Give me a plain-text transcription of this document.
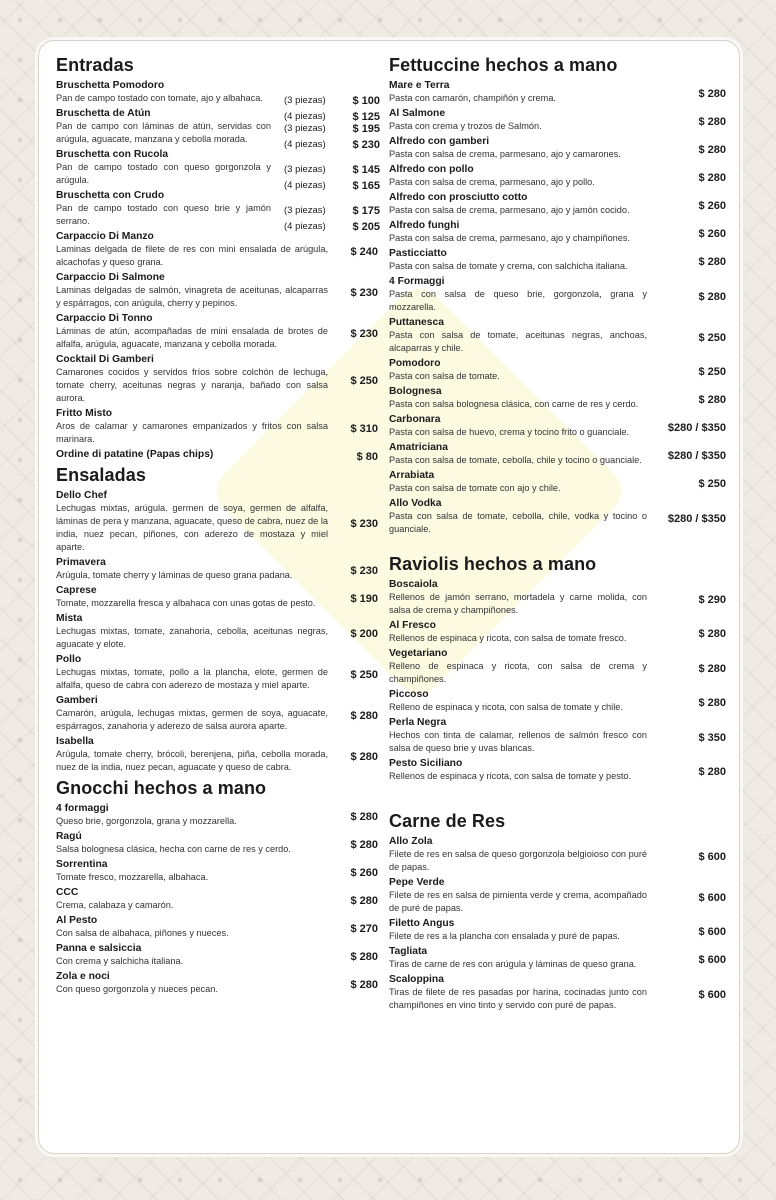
Entradas
Bruschetta Pomodoro
Pan de campo tostado con tomate, ajo y albahaca.	(3 piezas) $ 100
(4 piezas) $ 125
Bruschetta de Atún
Pan de campo con láminas de atún, servidas con arúgula, aguacate, manzana y cebolla morada.
(3 piezas) $ 195
(4 piezas) $ 230
Bruschetta con Rucola
Pan de campo tostado con queso gorgonzola y arúgula.
(3 piezas) $ 145
(4 piezas) $ 165
Bruschetta con Crudo
Pan de campo tostado con queso brie y jamón serrano.
(3 piezas) $ 175
(4 piezas) $ 205
Carpaccio Di Manzo
Laminas delgada de filete de res con mini ensalada de arúgula, alcachofas y queso grana.
$ 240
Carpaccio Di Salmone
Laminas delgadas de salmón, vinagreta de aceitunas, alcaparras y espárragos, con arúgula, cherry y pepinos.
$ 230
Carpaccio Di Tonno
Láminas de atún, acompañadas de mini ensalada de brotes de alfalfa, arúgula, aguacate, manzana y cebolla morada.
$ 230
Cocktail Di Gamberi
Camarones cocidos y servidos fríos sobre colchón de lechuga, tomate cherry, aceitunas negras y naranja, bañado con salsa aurora.
$ 250
Fritto Misto
Aros de calamar y camarones empanizados y fritos con salsa marinara.
$ 310
Ordine di patatine (Papas chips)	$ 80
Ensaladas
Dello Chef
Lechugas mixtas, arúgula. germen de soya, germen de alfalfa, láminas de pera y manzana, aguacate, queso de cabra, nuez de la india, nuez pecan, piñones, con aderezo de mostaza y miel aparte.
$ 230
Primavera
Arúgula, tomate cherry y láminas de queso grana padana.	$ 230
Caprese
Tomate, mozzarella fresca y albahaca con unas gotas de pesto.	$ 190
Mista
Lechugas mixtas, tomate, zanahoria, cebolla, aceitunas negras, aguacate y elote.
$ 200
Pollo
Lechugas mixtas, tomate, pollo a la plancha, elote, germen de alfalfa, queso de cabra con aderezo de mostaza y miel aparte.
$ 250
Gamberi
Camarón, arúgula, lechugas mixtas, germen de soya, aguacate, espárragos, zanahoria y aderezo de salsa aurora aparte.
$ 280
Isabella
Arúgula, tomate cherry, brócoli, berenjena, piña, cebolla morada, nuez de la india, nuez pecan, aguacate y queso de cabra.
$ 280
Gnocchi hechos a mano
4 formaggi
Queso brie, gorgonzola, grana y mozzarella.	$ 280
Ragú
Salsa bolognesa clásica, hecha con carne de res y cerdo.	$ 280
Sorrentina
Tomate fresco, mozzarella, albahaca.	$ 260
CCC
Crema, calabaza y camarón.	$ 280
Al Pesto
Con salsa de albahaca, piñones y nueces.	$ 270
Panna e salsiccia
Con crema y salchicha italiana.	$ 280
Zola e noci
Con queso gorgonzola y nueces pecan.	$ 280
Fettuccine hechos a mano
Mare e Terra
Pasta con camarón, champiñón y crema.	$ 280
Al Salmone
Pasta con crema y trozos de Salmón.	$ 280
Alfredo con gamberi
Pasta con salsa de crema, parmesano, ajo y camarones.	$ 280
Alfredo con pollo
Pasta con salsa de crema, parmesano, ajo y pollo.	$ 280
Alfredo con prosciutto cotto
Pasta con salsa de crema, parmesano, ajo y jamón cocido.	$ 260
Alfredo funghi
Pasta con salsa de crema, parmesano, ajo y champiñones.	$ 260
Pasticciatto
Pasta con salsa de tomate y crema, con salchicha italiana.	$ 280
4 Formaggi
Pasta con salsa de queso brie, gorgonzola, grana y mozzarella.
$ 280
Puttanesca
Pasta con salsa de tomate, aceitunas negras, anchoas, alcaparras y chile.
$ 250
Pomodoro
Pasta con salsa de tomate.	$ 250
Bolognesa
Pasta con salsa bolognesa clásica, con carne de res y cerdo.	$ 280
Carbonara
Pasta con salsa de huevo, crema y tocino frito o guanciale.	$280 / $350
Amatriciana
Pasta con salsa de tomate, cebolla, chile y tocino o guanciale.	$280 / $350
Arrabiata
Pasta con salsa de tomate con ajo y chile.	$ 250
Allo Vodka
Pasta con salsa de tomate, cebolla, chile, vodka y tocino o guanciale.
$280 / $350
Raviolis hechos a mano
Boscaiola
Rellenos de jamón serrano, mortadela y carne molida, con salsa de crema y champiñones.
$ 290
Al Fresco
Rellenos de espinaca y ricota, con salsa de tomate fresco.	$ 280
Vegetariano
Relleno de espinaca y ricota, con salsa de crema y champiñones.
$ 280
Piccoso
Relleno de espinaca y ricota, con salsa de tomate y chile.	$ 280
Perla Negra
Hechos con tinta de calamar, rellenos de salmón fresco con salsa de queso brie y uvas blancas.
$ 350
Pesto Siciliano
Rellenos de espinaca y ricota, con salsa de tomate y pesto.	$ 280
Carne de Res
Allo Zola
Filete de res en salsa de queso gorgonzola belgioioso con puré de papas.
$ 600
Pepe Verde
Filete de res en salsa de pimienta verde y crema, acompañado de puré de papas.
$ 600
Filetto Angus
Filete de res a la plancha con ensalada y puré de papas.	$ 600
Tagliata
Tiras de carne de res con arúgula y láminas de queso grana.	$ 600
Scaloppina
Tiras de filete de res pasadas por harina, cocinadas junto con champiñones en vino tinto y servido con puré de papas.
$ 600
